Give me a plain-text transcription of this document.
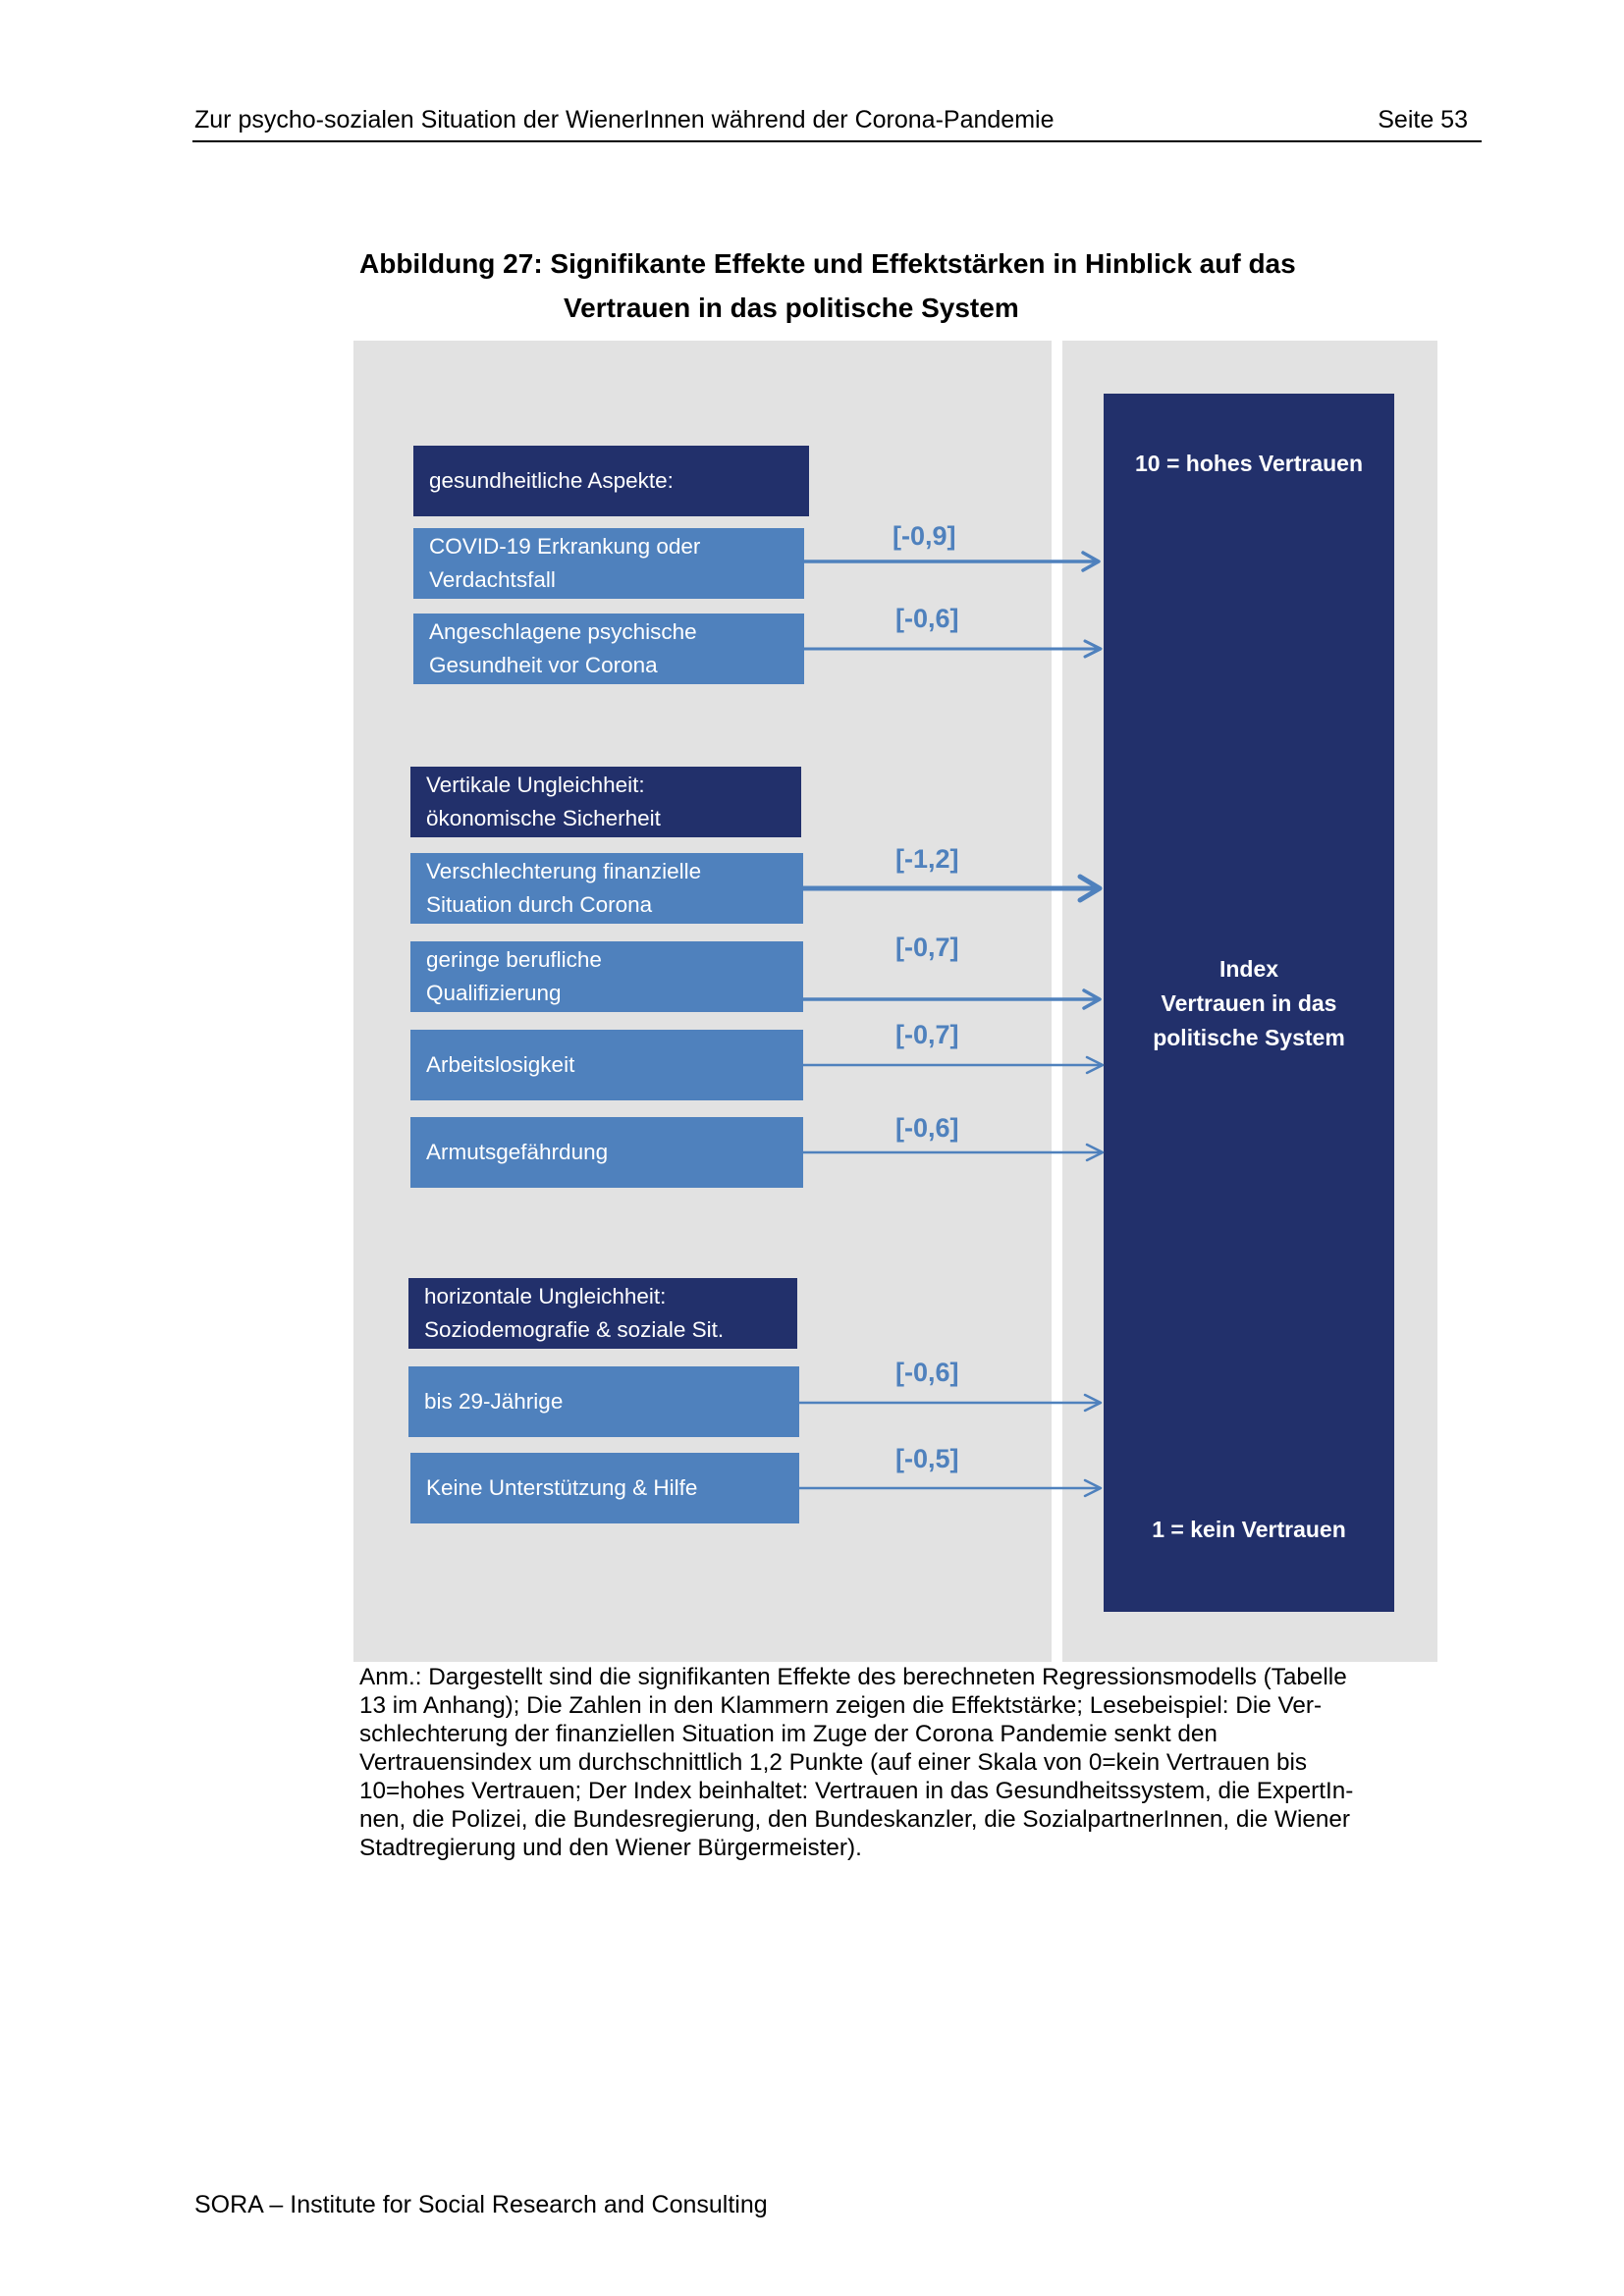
Zur psycho-sozialen Situation der WienerInnen während der Corona-Pandemie	Seite 53
Abbildung 27: Signifikante Effekte und Effektstärken in Hinblick auf das
Vertrauen in das politische System
10 = hohes Vertrauen
Index
Vertrauen in das
politische System
1 = kein Vertrauen
gesundheitliche Aspekte:
COVID-19 Erkrankung oder
Verdachtsfall
Angeschlagene psychische
Gesundheit vor Corona
Vertikale Ungleichheit:
ökonomische Sicherheit
Verschlechterung finanzielle
Situation durch Corona
geringe berufliche
Qualifizierung
Arbeitslosigkeit
Armutsgefährdung
horizontale Ungleichheit:
Soziodemografie & soziale Sit.
bis 29-Jährige
Keine Unterstützung & Hilfe
[-0,9]
[-0,6]
[-1,2]
[-0,7]
[-0,7]
[-0,6]
[-0,6]
[-0,5]
Anm.: Dargestellt sind die signifikanten Effekte des berechneten Regressionsmodells (Tabelle
13 im Anhang); Die Zahlen in den Klammern zeigen die Effektstärke; Lesebeispiel: Die Ver-
schlechterung der finanziellen Situation im Zuge der Corona Pandemie senkt den
Vertrauensindex um durchschnittlich 1,2 Punkte (auf einer Skala von 0=kein Vertrauen bis
10=hohes Vertrauen; Der Index beinhaltet: Vertrauen in das Gesundheitssystem, die ExpertIn-
nen, die Polizei, die Bundesregierung, den Bundeskanzler, die SozialpartnerInnen, die Wiener
Stadtregierung und den Wiener Bürgermeister).
SORA – Institute for Social Research and Consulting
